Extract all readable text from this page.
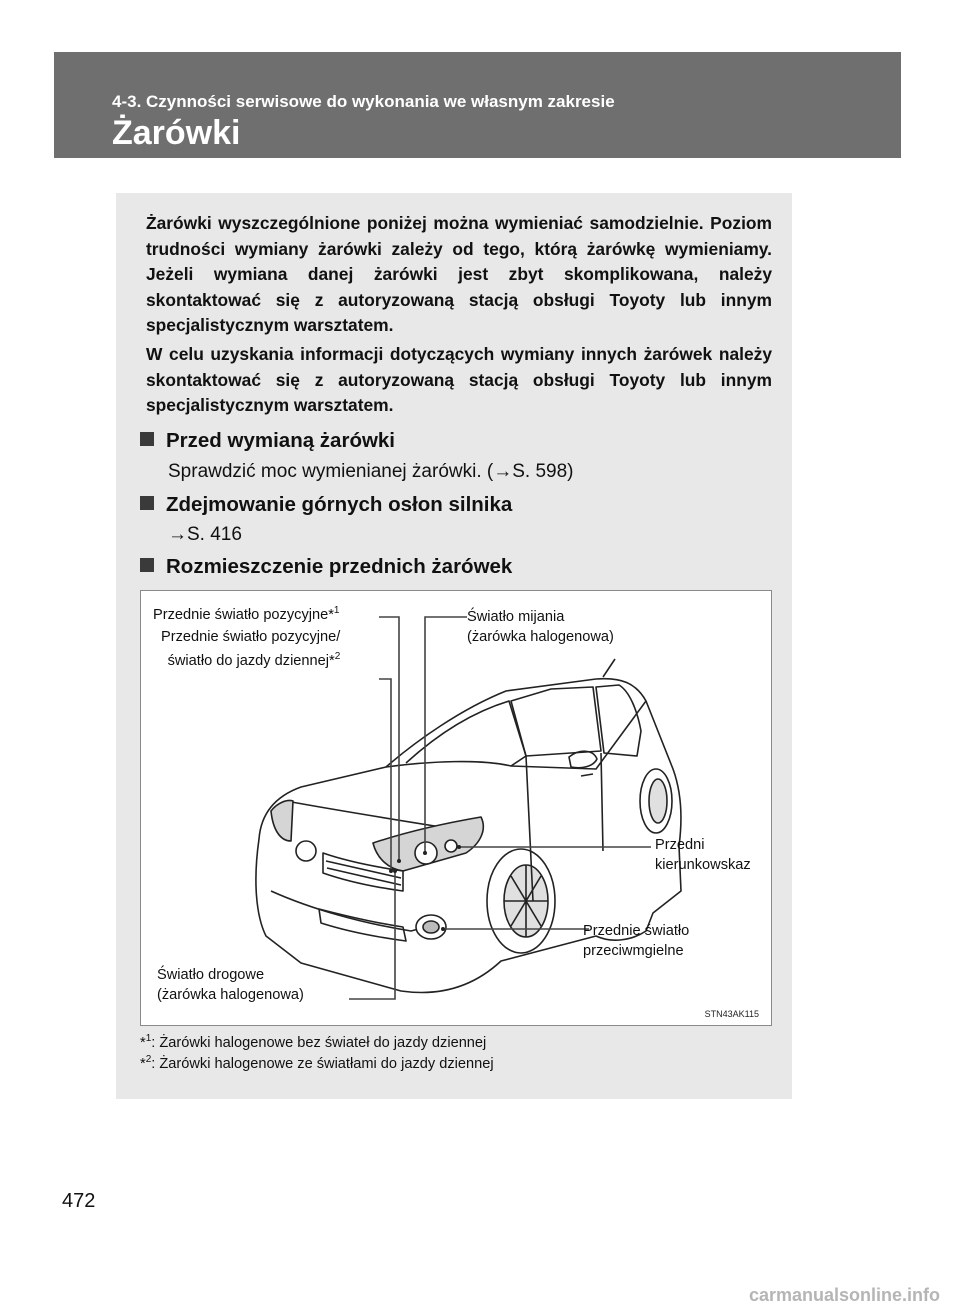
4-3. Czynności serwisowe do wykonania we własnym zakresie
Żarówki

Żarówki wyszczególnione poniżej można wymieniać samodzielnie. Poziom trudności wymiany żarówki zależy od tego, którą żarówkę wymieniamy. Jeżeli wymiana danej żarówki jest zbyt skomplikowana, należy skontaktować się z autoryzowaną stacją obsługi Toyoty lub innym specjalistycznym warsztatem.

W celu uzyskania informacji dotyczących wymiany innych żarówek należy skontaktować się z autoryzowaną stacją obsługi Toyoty lub innym specjalistycznym warsztatem.

Przed wymianą żarówki
Sprawdzić moc wymienianej żarówki. (→S. 598)
Zdejmowanie górnych osłon silnika
→S. 416
Rozmieszczenie przednich żarówek
Przednie światło pozycyjne*$^1$
Przednie światło pozycyjne/
światło do jazdy dziennej*$^2$
Światło mijania
(żarówka halogenowa)
Przedni
kierunkowskaz
Przednie światło
przeciwmgielne
Światło drogowe
(żarówka halogenowa)
STN43AK115
*$^1$: Żarówki halogenowe bez świateł do jazdy dziennej
*$^2$: Żarówki halogenowe ze światłami do jazdy dziennej
472
carmanualsonline.info
